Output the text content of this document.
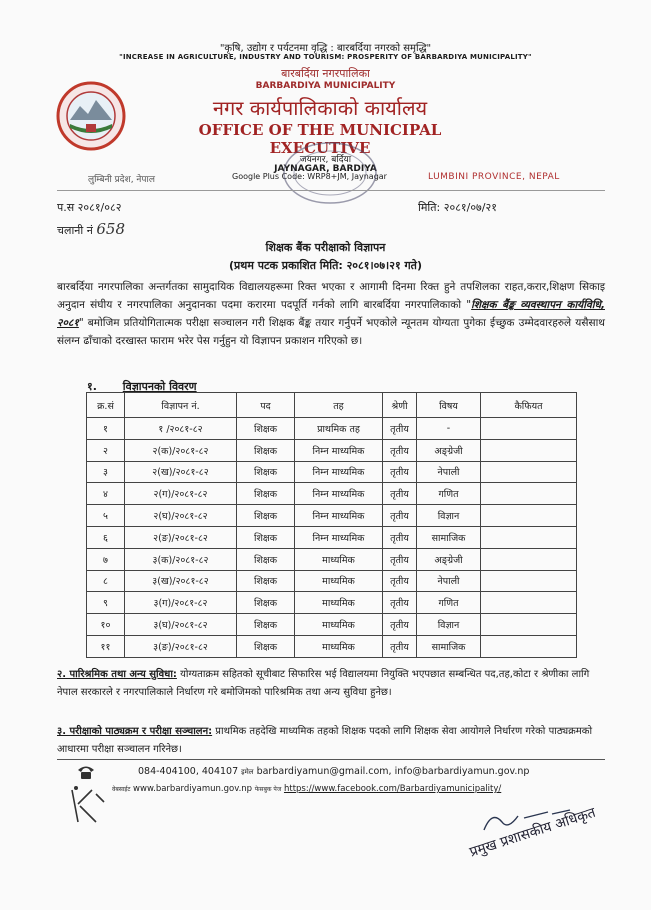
"कृषि, उद्योग र पर्यटनमा वृद्धि : बारबर्दिया नगरको समृद्धि"
"INCREASE IN AGRICULTURE, INDUSTRY AND TOURISM: PROSPERITY OF BARBARDIYA MUNICIPALITY"
बारबर्दिया नगरपालिका
BARBARDIYA MUNICIPALITY
नगर कार्यपालिकाको कार्यालय
OFFICE OF THE MUNICIPAL EXECUTIVE
जयनगर, बर्दिया
JAYNAGAR, BARDIYA
लुम्बिनी प्रदेश, नेपाल	Google Plus Code: WRP8+JM, Jaynagar	LUMBINI PROVINCE, NEPAL
प.स २०८१/०८२
चलानी नं 658
मिति: २०८१/०७/२१
शिक्षक बैंक परीक्षाको विज्ञापन
(प्रथम पटक प्रकाशित मिति: २०८१।०७।२१ गते)
बारबर्दिया नगरपालिका अन्तर्गतका सामुदायिक विद्यालयहरूमा रिक्त भएका र आगामी दिनमा रिक्त हुने तपशिलका राहत,करार,शिक्षण सिकाइ अनुदान संघीय र नगरपालिका अनुदानका पदमा करारमा पदपूर्ति गर्नको लागि बारबर्दिया नगरपालिकाको "शिक्षक बैंङ्क व्यवस्थापन कार्यविधि, २०८१" बमोजिम प्रतियोगितात्मक परीक्षा सञ्चालन गरी शिक्षक बैंङ्क तयार गर्नुपर्ने भएकोले न्यूनतम योग्यता पुगेका ईच्छुक उम्मेदवारहरुले यसैसाथ संलग्न ढाँचाको दरखास्त फाराम भरेर पेस गर्नुहुन यो विज्ञापन प्रकाशन गरिएको छ।
१. विज्ञापनको विवरण
क्र.सं	विज्ञापन नं.	पद	तह	श्रेणी	विषय	कैफियत
१	१ /२०८१-८२	शिक्षक	प्राथमिक तह	तृतीय	-	
२	२(क)/२०८१-८२	शिक्षक	निम्न माध्यमिक	तृतीय	अङ्ग्रेजी	
३	२(ख)/२०८१-८२	शिक्षक	निम्न माध्यमिक	तृतीय	नेपाली	
४	२(ग)/२०८१-८२	शिक्षक	निम्न माध्यमिक	तृतीय	गणित	
५	२(घ)/२०८१-८२	शिक्षक	निम्न माध्यमिक	तृतीय	विज्ञान	
६	२(ङ)/२०८१-८२	शिक्षक	निम्न माध्यमिक	तृतीय	सामाजिक	
७	३(क)/२०८१-८२	शिक्षक	माध्यमिक	तृतीय	अङ्ग्रेजी	
८	३(ख)/२०८१-८२	शिक्षक	माध्यमिक	तृतीय	नेपाली	
९	३(ग)/२०८१-८२	शिक्षक	माध्यमिक	तृतीय	गणित	
१०	३(घ)/२०८१-८२	शिक्षक	माध्यमिक	तृतीय	विज्ञान	
११	३(ङ)/२०८१-८२	शिक्षक	माध्यमिक	तृतीय	सामाजिक	
२. पारिश्रमिक तथा अन्य सुविधा: योग्यताक्रम सहितको सूचीबाट सिफारिस भई विद्यालयमा नियुक्ति भएपछात सम्बन्धित पद,तह,कोटा र श्रेणीका लागि नेपाल सरकारले र नगरपालिकाले निर्धारण गरे बमोजिमको पारिश्रमिक तथा अन्य सुविधा हुनेछ।
३. परीक्षाको पाठ्यक्रम र परीक्षा सञ्चालन: प्राथमिक तहदेखि माध्यमिक तहको शिक्षक पदको लागि शिक्षक सेवा आयोगले निर्धारण गरेको पाठ्यक्रमको आधारमा परीक्षा सञ्चालन गरिनेछ।
084-404100, 404107 इमेल barbardiyamun@gmail.com, info@barbardiyamun.gov.np
वेबसाईट www.barbardiyamun.gov.np फेसबुक पेज https://www.facebook.com/Barbardiyamunicipality/
प्रमुख प्रशासकीय अधिकृत
